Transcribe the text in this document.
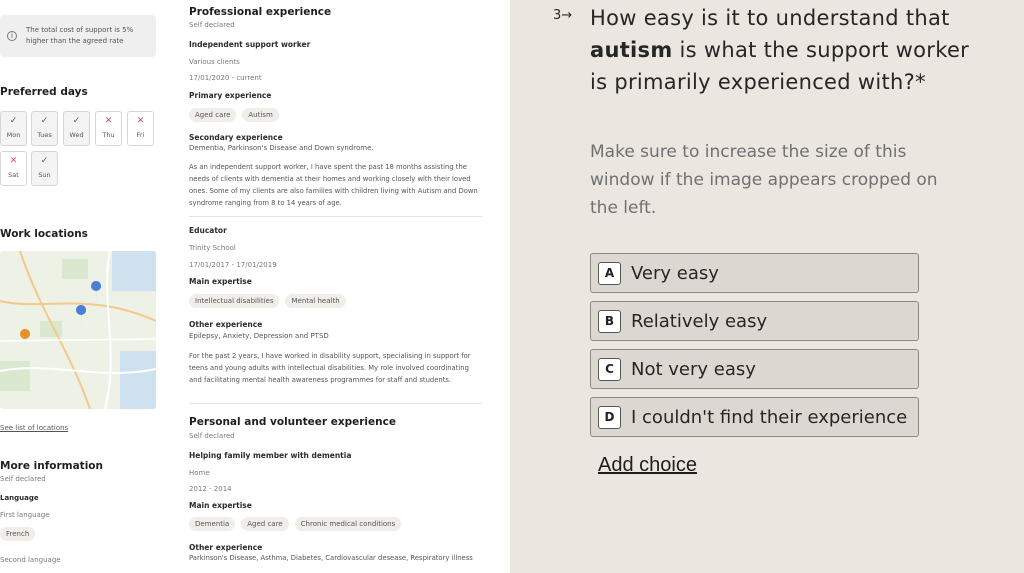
i
The total cost of support is 5% higher than the agreed rate
Preferred days
✓
Mon
✓
Tues
✓
Wed
✕
Thu
✕
Fri
✕
Sat
✓
Sun
Work locations
See list of locations
More information
Self declared
Language
First language
French
Second language
Professional experience
Self declared
Independent support worker
Various clients
17/01/2020 - current
Primary experience
Aged care	Autism
Secondary experience
Dementia, Parkinson's Disease and Down syndrome.
As an independent support worker, I have spent the past 18 months assisting the needs of clients with dementia at their homes and working closely with their loved ones. Some of my clients are also families with children living with Autism and Down syndrome ranging from 8 to 14 years of age.
Educator
Trinity School
17/01/2017 - 17/01/2019
Main expertise
Intellectual disabilities	Mental health
Other experience
Epilepsy, Anxiety, Depression and PTSD
For the past 2 years, I have worked in disability support, specialising in support for teens and young adults with intellectual disabilities. My role involved coordinating and facilitating mental health awareness programmes for staff and students.
Personal and volunteer experience
Self declared
Helping family member with dementia
Home
2012 - 2014
Main expertise
Dementia	Aged care	Chronic medical conditions
Other experience
Parkinson's Disease, Asthma, Diabetes, Cardiovascular desease, Respiratory illness
3→ How easy is it to understand that autism is what the support worker is primarily experienced with?*
Make sure to increase the size of this window if the image appears cropped on the left.
A Very easy
B Relatively easy
C Not very easy
D I couldn't find their experience
Add choice
